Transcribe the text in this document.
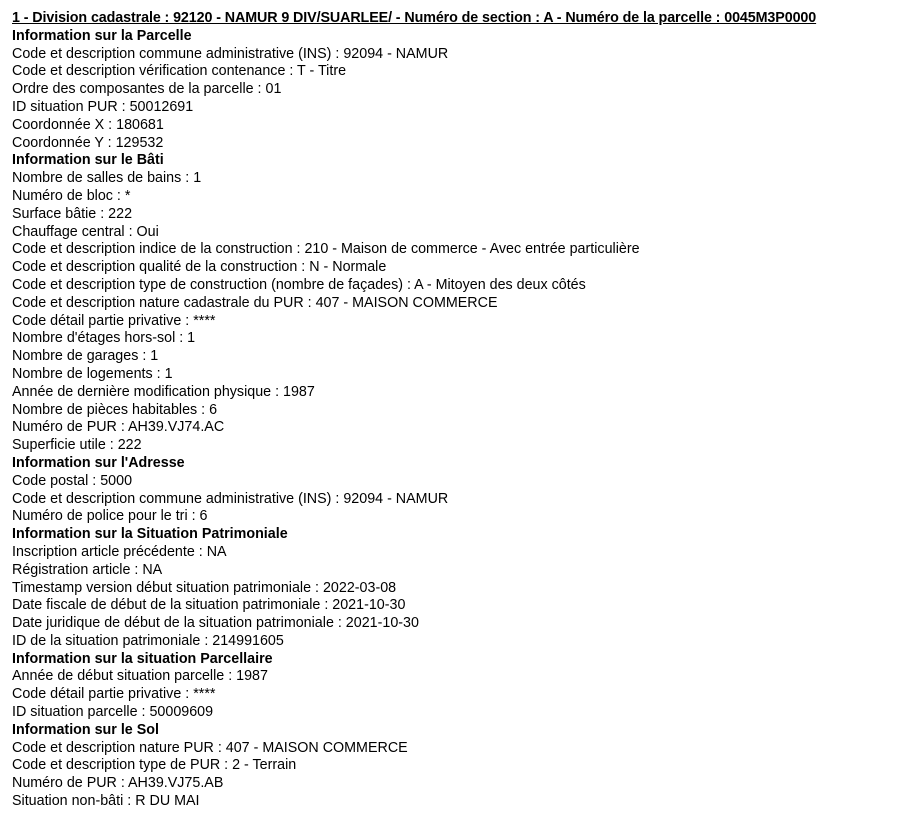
1 - Division cadastrale : 92120 - NAMUR 9 DIV/SUARLEE/ - Numéro de section : A - Numéro de la parcelle : 0045M3P0000
Information sur la Parcelle
Code et description commune administrative (INS) : 92094 - NAMUR
Code et description vérification contenance : T - Titre
Ordre des composantes de la parcelle : 01
ID situation PUR : 50012691
Coordonnée X : 180681
Coordonnée Y : 129532
Information sur le Bâti
Nombre de salles de bains : 1
Numéro de bloc : *
Surface bâtie : 222
Chauffage central : Oui
Code et description indice de la construction : 210 - Maison de commerce - Avec entrée particulière
Code et description qualité de la construction : N - Normale
Code et description type de construction (nombre de façades) : A - Mitoyen des deux côtés
Code et description nature cadastrale du PUR : 407 - MAISON COMMERCE
Code détail partie privative : ****
Nombre d'étages hors-sol : 1
Nombre de garages : 1
Nombre de logements : 1
Année de dernière modification physique : 1987
Nombre de pièces habitables : 6
Numéro de PUR : AH39.VJ74.AC
Superficie utile : 222
Information sur l'Adresse
Code postal : 5000
Code et description commune administrative (INS) : 92094 - NAMUR
Numéro de police pour le tri : 6
Information sur la Situation Patrimoniale
Inscription article précédente : NA
Régistration article : NA
Timestamp version début situation patrimoniale : 2022-03-08
Date fiscale de début de la situation patrimoniale : 2021-10-30
Date juridique de début de la situation patrimoniale : 2021-10-30
ID de la situation patrimoniale : 214991605
Information sur la situation Parcellaire
Année de début situation parcelle : 1987
Code détail partie privative : ****
ID situation parcelle : 50009609
Information sur le Sol
Code et description nature PUR : 407 - MAISON COMMERCE
Code et description type de PUR : 2 - Terrain
Numéro de PUR : AH39.VJ75.AB
Situation non-bâti : R DU MAI
